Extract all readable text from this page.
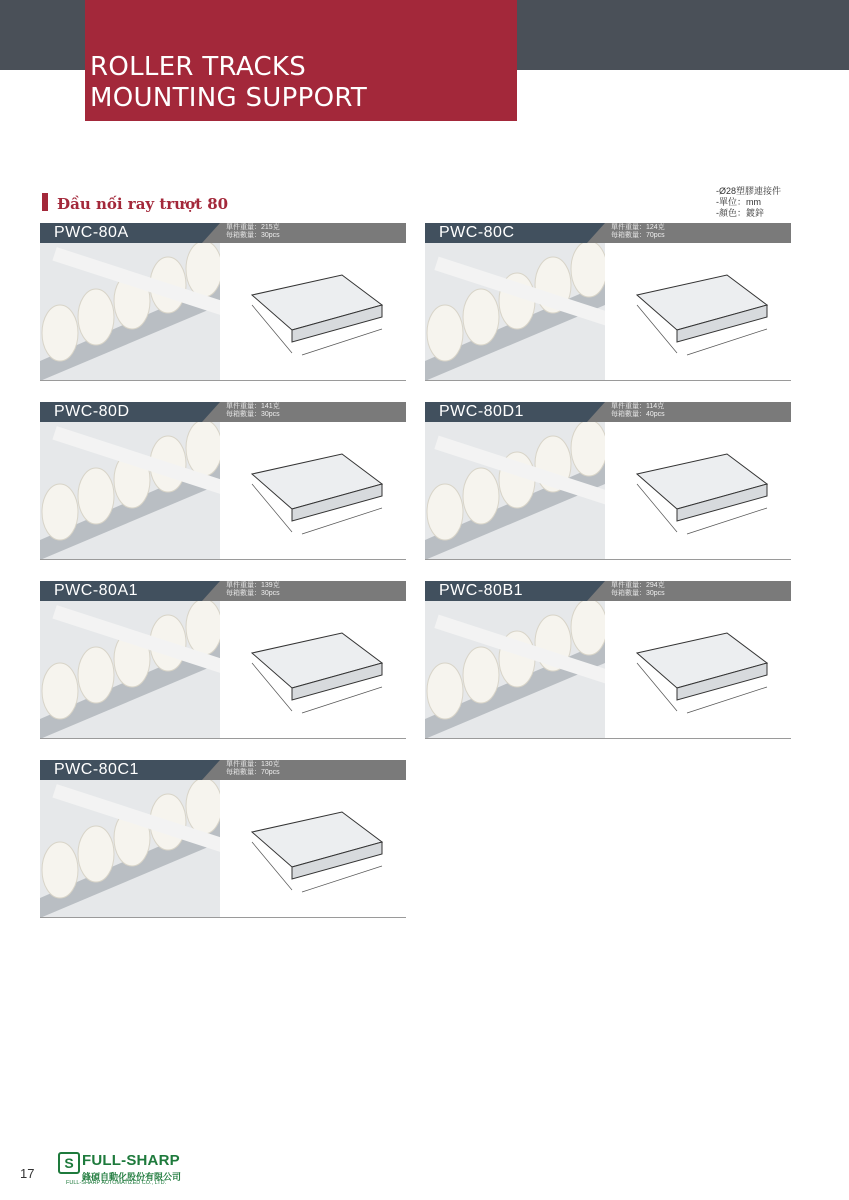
ROLLER TRACKS
MOUNTING SUPPORT
Đầu nối ray trượt 80
-Ø28塑膠連接件
-單位：mm
-顏色：鍍鋅
PWC-80A	單件重量：215克
每箱數量：30pcs	PWC-80C	單件重量：124克
每箱數量：70pcs
PWC-80D	單件重量：141克
每箱數量：30pcs	PWC-80D1	單件重量：114克
每箱數量：40pcs
PWC-80A1	單件重量：139克
每箱數量：30pcs	PWC-80B1	單件重量：294克
每箱數量：30pcs
PWC-80C1	單件重量：130克
每箱數量：70pcs
17
S FULL-SHARP
鋒碩自動化股份有限公司
FULL-SHARP AUTOMATIZED CO., LTD.
